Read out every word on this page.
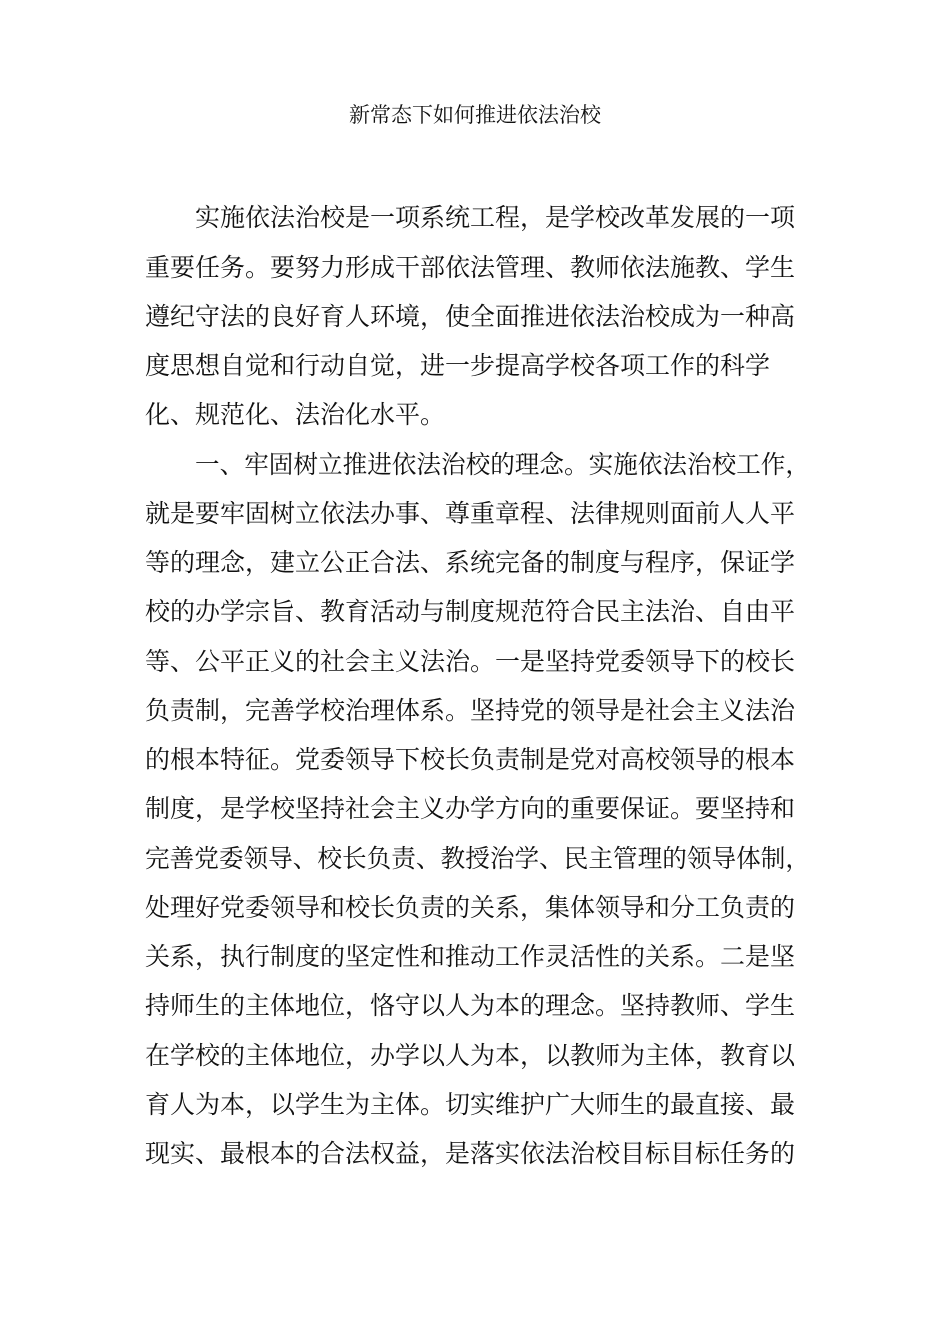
新常态下如何推进依法治校

实施依法治校是一项系统工程，是学校改革发展的一项

重要任务。要努力形成干部依法管理、教师依法施教、学生

遵纪守法的良好育人环境，使全面推进依法治校成为一种高

度思想自觉和行动自觉，进一步提高学校各项工作的科学

化、规范化、法治化水平。

一、牢固树立推进依法治校的理念。实施依法治校工作，

就是要牢固树立依法办事、尊重章程、法律规则面前人人平

等的理念，建立公正合法、系统完备的制度与程序，保证学

校的办学宗旨、教育活动与制度规范符合民主法治、自由平

等、公平正义的社会主义法治。一是坚持党委领导下的校长

负责制，完善学校治理体系。坚持党的领导是社会主义法治

的根本特征。党委领导下校长负责制是党对高校领导的根本

制度，是学校坚持社会主义办学方向的重要保证。要坚持和

完善党委领导、校长负责、教授治学、民主管理的领导体制，

处理好党委领导和校长负责的关系，集体领导和分工负责的

关系，执行制度的坚定性和推动工作灵活性的关系。二是坚

持师生的主体地位，恪守以人为本的理念。坚持教师、学生

在学校的主体地位，办学以人为本，以教师为主体，教育以

育人为本，以学生为主体。切实维护广大师生的最直接、最

现实、最根本的合法权益，是落实依法治校目标目标任务的
